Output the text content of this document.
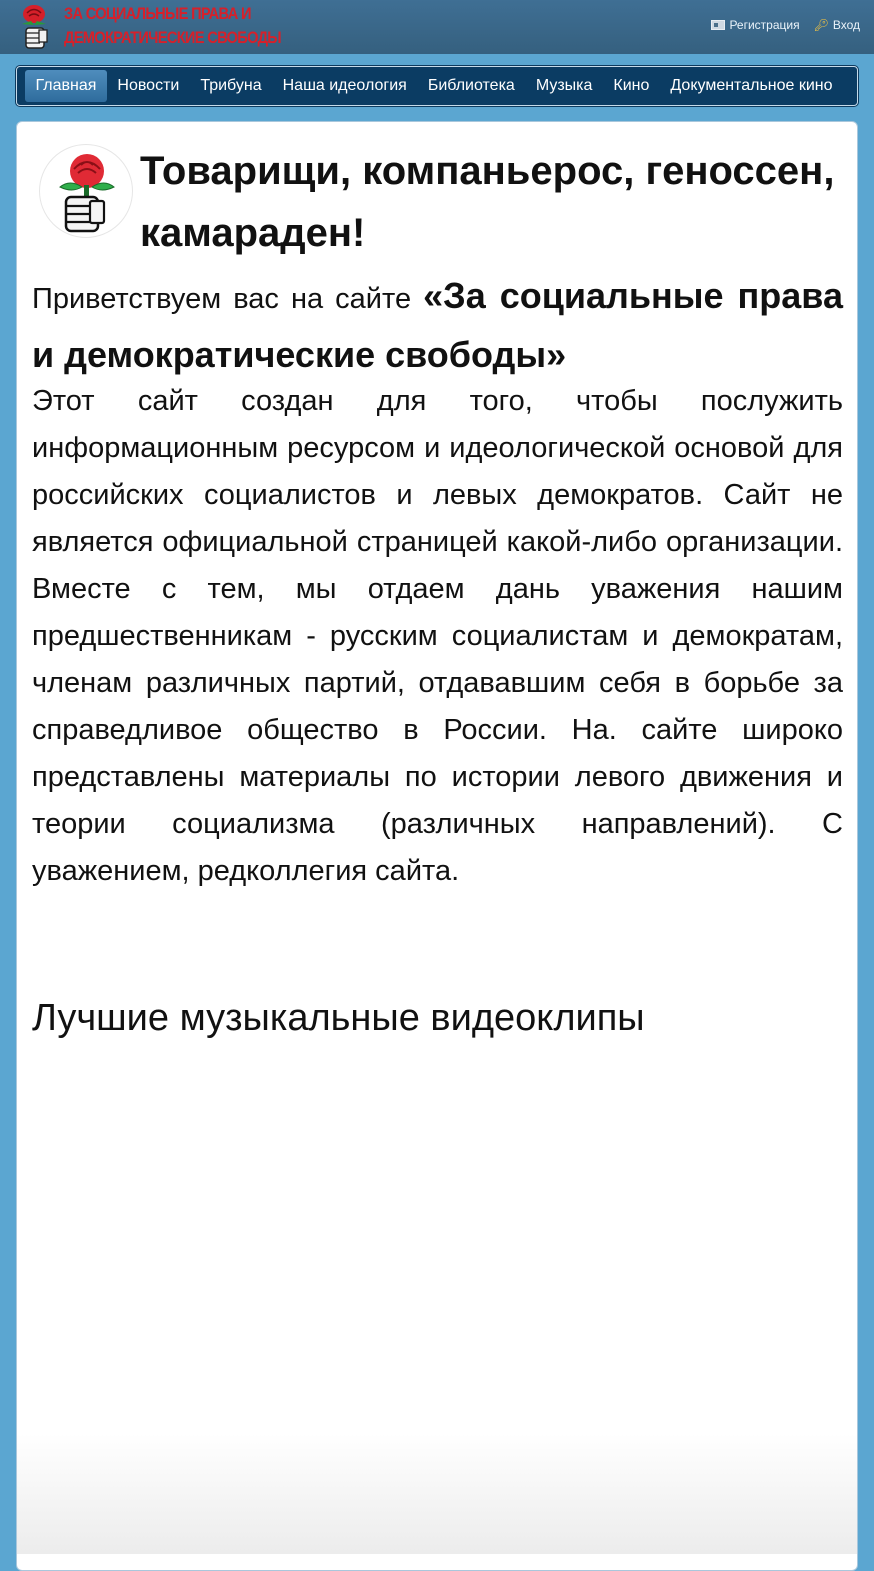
ЗА СОЦИАЛЬНЫЕ ПРАВА И
ДЕМОКРАТИЧЕСКИЕ СВОБОДЫ
Регистрация 🔑︎ Вход
Главная	Новости	Трибуна	Наша идеология	Библиотека	Музыка	Кино	Документальное кино
Товарищи, компаньерос, геноссен, камараден!

Приветствуем вас на сайте «За социальные права и демократические свободы»

Этот сайт создан для того, чтобы послужить информационным ресурсом и идеологической основой для российских социалистов и левых демократов. Сайт не является официальной страницей какой-либо организации. Вместе с тем, мы отдаем дань уважения нашим предшественникам - русским социалистам и демократам, членам различных партий, отдававшим себя в борьбе за справедливое общество в России. На. сайте широко представлены материалы по истории левого движения и теории социализма (различных направлений). С уважением, редколлегия сайта.

Лучшие музыкальные видеоклипы
